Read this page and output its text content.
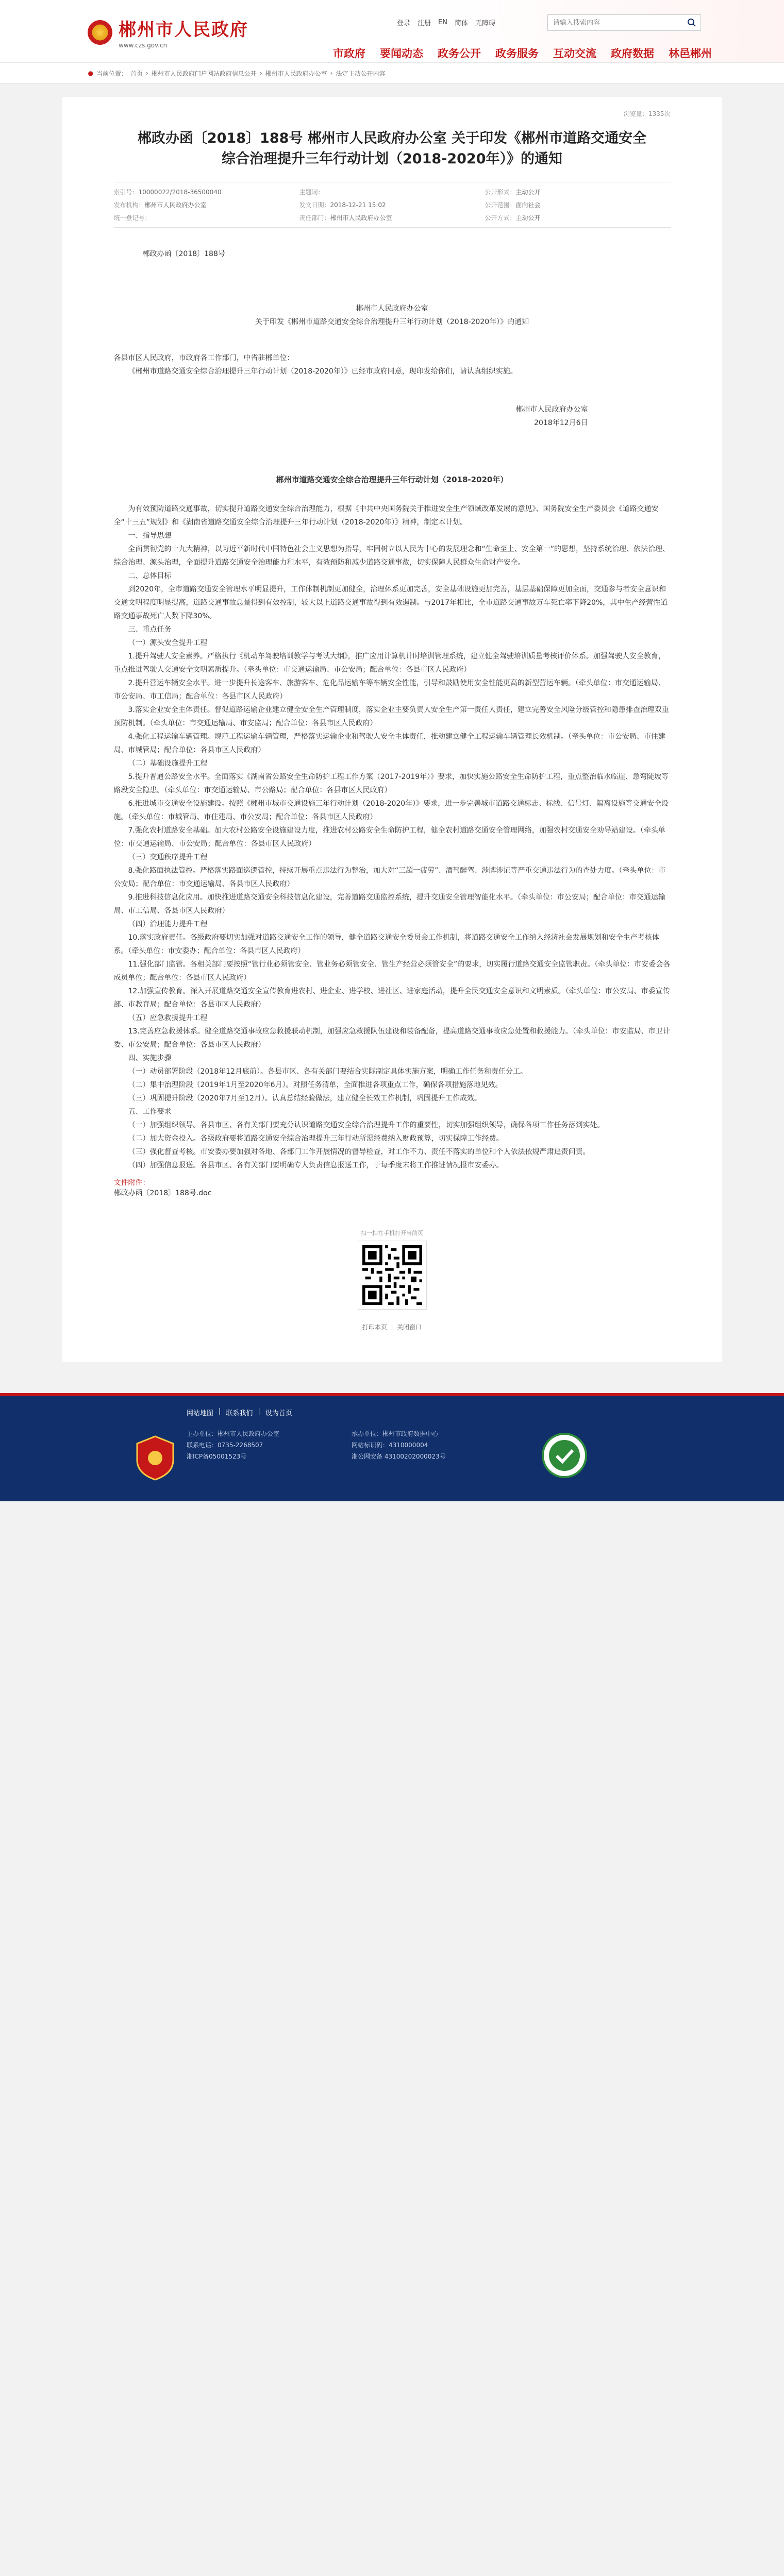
★ 郴州市人民政府
www.czs.gov.cn
登录 注册 EN 简体 无障碍
请输入搜索内容
市政府 要闻动态 政务公开 政务服务 互动交流 政府数据 林邑郴州
● 当前位置： 首页 › 郴州市人民政府门户网站政府信息公开 › 郴州市人民政府办公室 › 法定主动公开内容
浏览量：1335次
郴政办函〔2018〕188号 郴州市人民政府办公室 关于印发《郴州市道路交通安全综合治理提升三年行动计划（2018-2020年）》的通知
索引号：10000022/2018-36500040	主题词：	公开形式：主动公开
发布机构：郴州市人民政府办公室	发文日期：2018-12-21 15:02	公开范围：面向社会
统一登记号：	责任部门：郴州市人民政府办公室	公开方式：主动公开
郴政办函〔2018〕188号
郴州市人民政府办公室
关于印发《郴州市道路交通安全综合治理提升三年行动计划（2018-2020年）》的通知

各县市区人民政府，市政府各工作部门，中省驻郴单位：

《郴州市道路交通安全综合治理提升三年行动计划（2018-2020年）》已经市政府同意，现印发给你们，请认真组织实施。

郴州市人民政府办公室
2018年12月6日
郴州市道路交通安全综合治理提升三年行动计划（2018-2020年）

为有效预防道路交通事故，切实提升道路交通安全综合治理能力，根据《中共中央国务院关于推进安全生产领域改革发展的意见》、国务院安全生产委员会《道路交通安全“十三五”规划》和《湖南省道路交通安全综合治理提升三年行动计划（2018-2020年）》精神，制定本计划。

一、指导思想

全面贯彻党的十九大精神，以习近平新时代中国特色社会主义思想为指导，牢固树立以人民为中心的发展理念和“生命至上、安全第一”的思想，坚持系统治理、依法治理、综合治理、源头治理，全面提升道路交通安全治理能力和水平，有效预防和减少道路交通事故，切实保障人民群众生命财产安全。

二、总体目标

到2020年，全市道路交通安全管理水平明显提升，工作体制机制更加健全，治理体系更加完善，安全基础设施更加完善，基层基础保障更加全面，交通参与者安全意识和交通文明程度明显提高，道路交通事故总量得到有效控制，较大以上道路交通事故得到有效遏制。与2017年相比，全市道路交通事故万车死亡率下降20%，其中生产经营性道路交通事故死亡人数下降30%。

三、重点任务

（一）源头安全提升工程

1.提升驾驶人安全素养。严格执行《机动车驾驶培训教学与考试大纲》，推广应用计算机计时培训管理系统，建立健全驾驶培训质量考核评价体系。加强驾驶人安全教育，重点推进驾驶人交通安全文明素质提升。（牵头单位：市交通运输局、市公安局；配合单位：各县市区人民政府）

2.提升营运车辆安全水平。进一步提升长途客车、旅游客车、危化品运输车等车辆安全性能，引导和鼓励使用安全性能更高的新型营运车辆。（牵头单位：市交通运输局、市公安局、市工信局；配合单位：各县市区人民政府）

3.落实企业安全主体责任。督促道路运输企业建立健全安全生产管理制度，落实企业主要负责人安全生产第一责任人责任，建立完善安全风险分级管控和隐患排查治理双重预防机制。（牵头单位：市交通运输局、市安监局；配合单位：各县市区人民政府）

4.强化工程运输车辆管理。规范工程运输车辆管理，严格落实运输企业和驾驶人安全主体责任，推动建立健全工程运输车辆管理长效机制。（牵头单位：市公安局、市住建局、市城管局；配合单位：各县市区人民政府）

（二）基础设施提升工程

5.提升普通公路安全水平。全面落实《湖南省公路安全生命防护工程工作方案（2017-2019年）》要求，加快实施公路安全生命防护工程，重点整治临水临崖、急弯陡坡等路段安全隐患。（牵头单位：市交通运输局、市公路局；配合单位：各县市区人民政府）

6.推进城市交通安全设施建设。按照《郴州市城市交通设施三年行动计划（2018-2020年）》要求，进一步完善城市道路交通标志、标线、信号灯、隔离设施等交通安全设施。（牵头单位：市城管局、市住建局、市公安局；配合单位：各县市区人民政府）

7.强化农村道路安全基础。加大农村公路安全设施建设力度，推进农村公路安全生命防护工程，健全农村道路交通安全管理网络，加强农村交通安全劝导站建设。（牵头单位：市交通运输局、市公安局；配合单位：各县市区人民政府）

（三）交通秩序提升工程

8.强化路面执法管控。严格落实路面巡逻管控，持续开展重点违法行为整治，加大对“三超一疲劳”、酒驾醉驾、涉牌涉证等严重交通违法行为的查处力度。（牵头单位：市公安局；配合单位：市交通运输局、各县市区人民政府）

9.推进科技信息化应用。加快推进道路交通安全科技信息化建设，完善道路交通监控系统，提升交通安全管理智能化水平。（牵头单位：市公安局；配合单位：市交通运输局、市工信局、各县市区人民政府）

（四）治理能力提升工程

10.落实政府责任。各级政府要切实加强对道路交通安全工作的领导，健全道路交通安全委员会工作机制，将道路交通安全工作纳入经济社会发展规划和安全生产考核体系。（牵头单位：市安委办；配合单位：各县市区人民政府）

11.强化部门监管。各相关部门要按照“管行业必须管安全、管业务必须管安全、管生产经营必须管安全”的要求，切实履行道路交通安全监管职责。（牵头单位：市安委会各成员单位；配合单位：各县市区人民政府）

12.加强宣传教育。深入开展道路交通安全宣传教育进农村、进企业、进学校、进社区、进家庭活动，提升全民交通安全意识和文明素质。（牵头单位：市公安局、市委宣传部、市教育局；配合单位：各县市区人民政府）

（五）应急救援提升工程

13.完善应急救援体系。健全道路交通事故应急救援联动机制，加强应急救援队伍建设和装备配备，提高道路交通事故应急处置和救援能力。（牵头单位：市安监局、市卫计委、市公安局；配合单位：各县市区人民政府）

四、实施步骤

（一）动员部署阶段（2018年12月底前）。各县市区、各有关部门要结合实际制定具体实施方案，明确工作任务和责任分工。

（二）集中治理阶段（2019年1月至2020年6月）。对照任务清单，全面推进各项重点工作，确保各项措施落地见效。

（三）巩固提升阶段（2020年7月至12月）。认真总结经验做法，建立健全长效工作机制，巩固提升工作成效。

五、工作要求

（一）加强组织领导。各县市区、各有关部门要充分认识道路交通安全综合治理提升工作的重要性，切实加强组织领导，确保各项工作任务落到实处。

（二）加大资金投入。各级政府要将道路交通安全综合治理提升三年行动所需经费纳入财政预算，切实保障工作经费。

（三）强化督查考核。市安委办要加强对各地、各部门工作开展情况的督导检查，对工作不力、责任不落实的单位和个人依法依规严肃追责问责。

（四）加强信息报送。各县市区、各有关部门要明确专人负责信息报送工作，于每季度末将工作推进情况报市安委办。

文件附件：
郴政办函〔2018〕188号.doc
扫一扫在手机打开当前页
打印本页  |  关闭窗口
网站地图 | 联系我们 | 设为首页
主办单位：郴州市人民政府办公室	承办单位：郴州市政府数据中心
联系电话：0735-2268507	网站标识码：4310000004
湘ICP备05001523号	湘公网安备 43100202000023号
